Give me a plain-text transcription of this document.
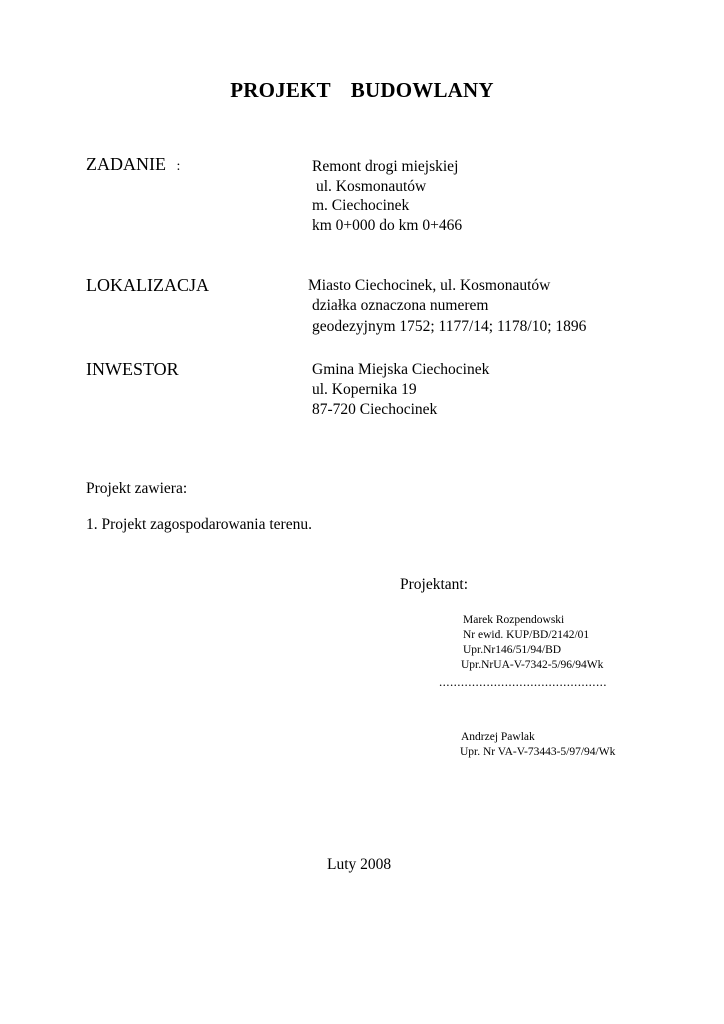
PROJEKT BUDOWLANY
ZADANIE :	Remont drogi miejskiej
ul. Kosmonautów
m. Ciechocinek
km 0+000 do km 0+466
LOKALIZACJA	Miasto Ciechocinek, ul. Kosmonautów
działka oznaczona numerem
geodezyjnym 1752; 1177/14; 1178/10; 1896
INWESTOR	Gmina Miejska Ciechocinek
ul. Kopernika 19
87-720 Ciechocinek
Projekt zawiera:
1. Projekt zagospodarowania terenu.
Projektant:
Marek Rozpendowski
Nr ewid. KUP/BD/2142/01
Upr.Nr146/51/94/BD
Upr.NrUA-V-7342-5/96/94Wk
..............................................
Andrzej Pawlak
Upr. Nr VA-V-73443-5/97/94/Wk
Luty 2008
